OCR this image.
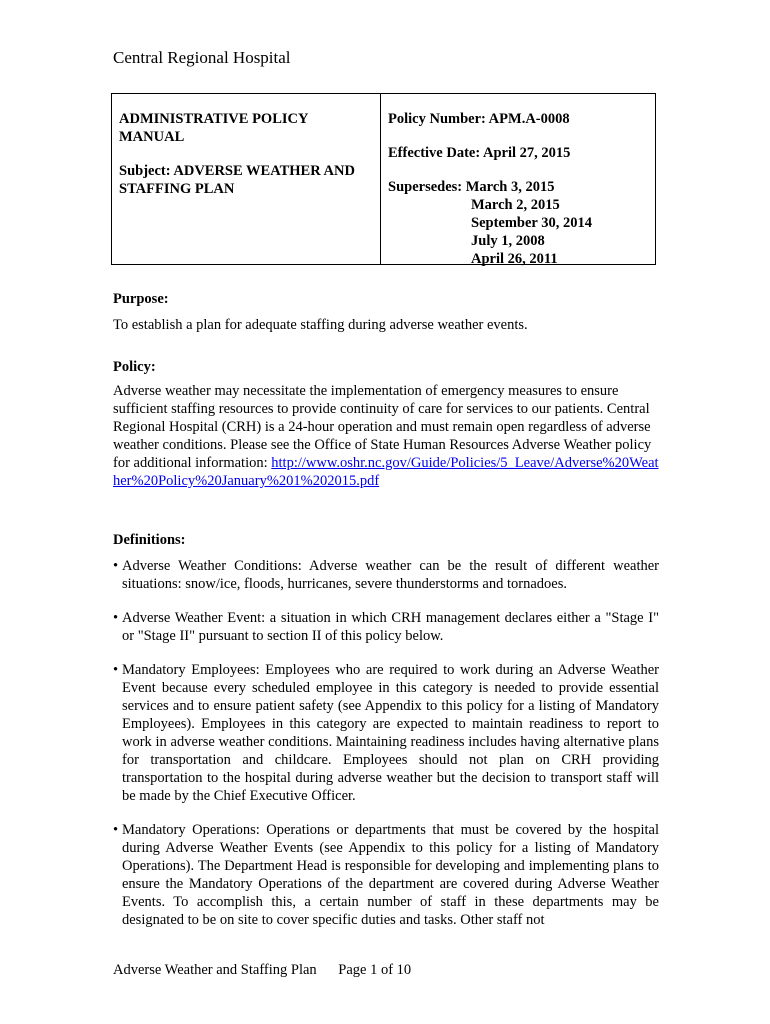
Central Regional Hospital
ADMINISTRATIVE POLICY MANUAL
Subject: ADVERSE WEATHER AND STAFFING PLAN
Policy Number: APM.A-0008
Effective Date: April 27, 2015
Supersedes: March 3, 2015
March 2, 2015
September 30, 2014
July 1, 2008
April 26, 2011

Purpose:

To establish a plan for adequate staffing during adverse weather events.

Policy:

Adverse weather may necessitate the implementation of emergency measures to ensure sufficient staffing resources to provide continuity of care for services to our patients. Central Regional Hospital (CRH) is a 24-hour operation and must remain open regardless of adverse weather conditions. Please see the Office of State Human Resources Adverse Weather policy for additional information: http://www.oshr.nc.gov/Guide/Policies/5_Leave/Adverse%20Weather%20Policy%20January%201%202015.pdf

Definitions:

• Adverse Weather Conditions: Adverse weather can be the result of different weather situations: snow/ice, floods, hurricanes, severe thunderstorms and tornadoes.

• Adverse Weather Event: a situation in which CRH management declares either a "Stage I" or "Stage II" pursuant to section II of this policy below.

• Mandatory Employees: Employees who are required to work during an Adverse Weather Event because every scheduled employee in this category is needed to provide essential services and to ensure patient safety (see Appendix to this policy for a listing of Mandatory Employees). Employees in this category are expected to maintain readiness to report to work in adverse weather conditions. Maintaining readiness includes having alternative plans for transportation and childcare. Employees should not plan on CRH providing transportation to the hospital during adverse weather but the decision to transport staff will be made by the Chief Executive Officer.

• Mandatory Operations: Operations or departments that must be covered by the hospital during Adverse Weather Events (see Appendix to this policy for a listing of Mandatory Operations). The Department Head is responsible for developing and implementing plans to ensure the Mandatory Operations of the department are covered during Adverse Weather Events. To accomplish this, a certain number of staff in these departments may be designated to be on site to cover specific duties and tasks. Other staff not

Adverse Weather and Staffing Plan Page 1 of 10
